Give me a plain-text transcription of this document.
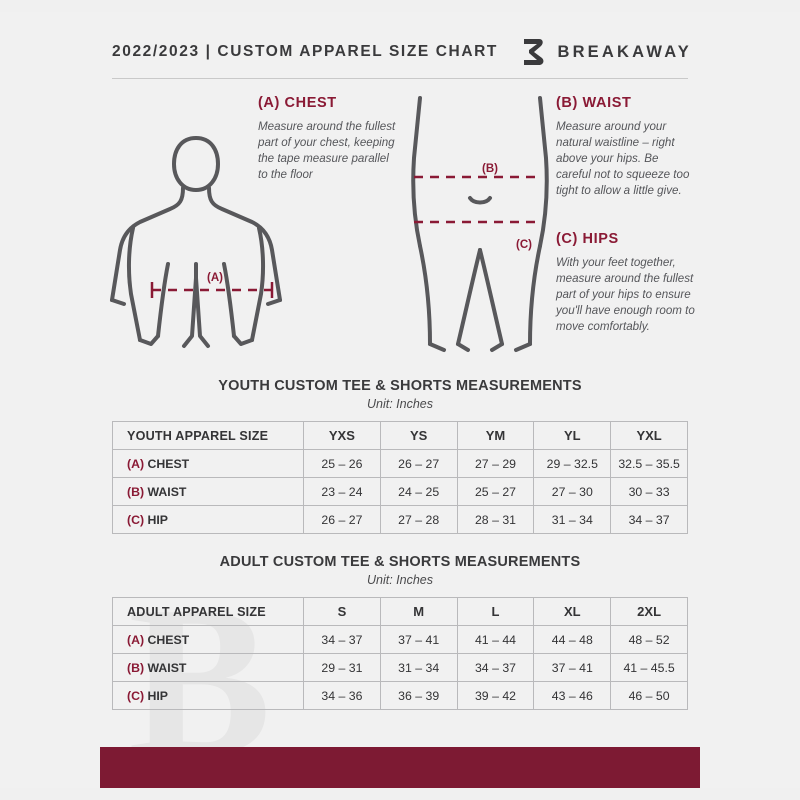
2022/2023 | CUSTOM APPAREL SIZE CHART	BREAKAWAY

(A) CHEST

Measure around the fullest part of your chest, keeping the tape measure parallel to the floor

(B) WAIST

Measure around your natural waistline – right above your hips. Be careful not to squeeze too tight to allow a little give.

(C) HIPS

With your feet together, measure around the fullest part of your hips to ensure you'll have enough room to move comfortably.

(A)
(B)
(C)
YOUTH CUSTOM TEE & SHORTS MEASUREMENTS
Unit: Inches
YOUTH APPAREL SIZE	YXS	YS	YM	YL	YXL
(A) CHEST	25 – 26	26 – 27	27 – 29	29 – 32.5	32.5 – 35.5
(B) WAIST	23 – 24	24 – 25	25 – 27	27 – 30	30 – 33
(C) HIP	26 – 27	27 – 28	28 – 31	31 – 34	34 – 37
ADULT CUSTOM TEE & SHORTS MEASUREMENTS
Unit: Inches
ADULT APPAREL SIZE	S	M	L	XL	2XL
(A) CHEST	34 – 37	37 – 41	41 – 44	44 – 48	48 – 52
(B) WAIST	29 – 31	31 – 34	34 – 37	37 – 41	41 – 45.5
(C) HIP	34 – 36	36 – 39	39 – 42	43 – 46	46 – 50
